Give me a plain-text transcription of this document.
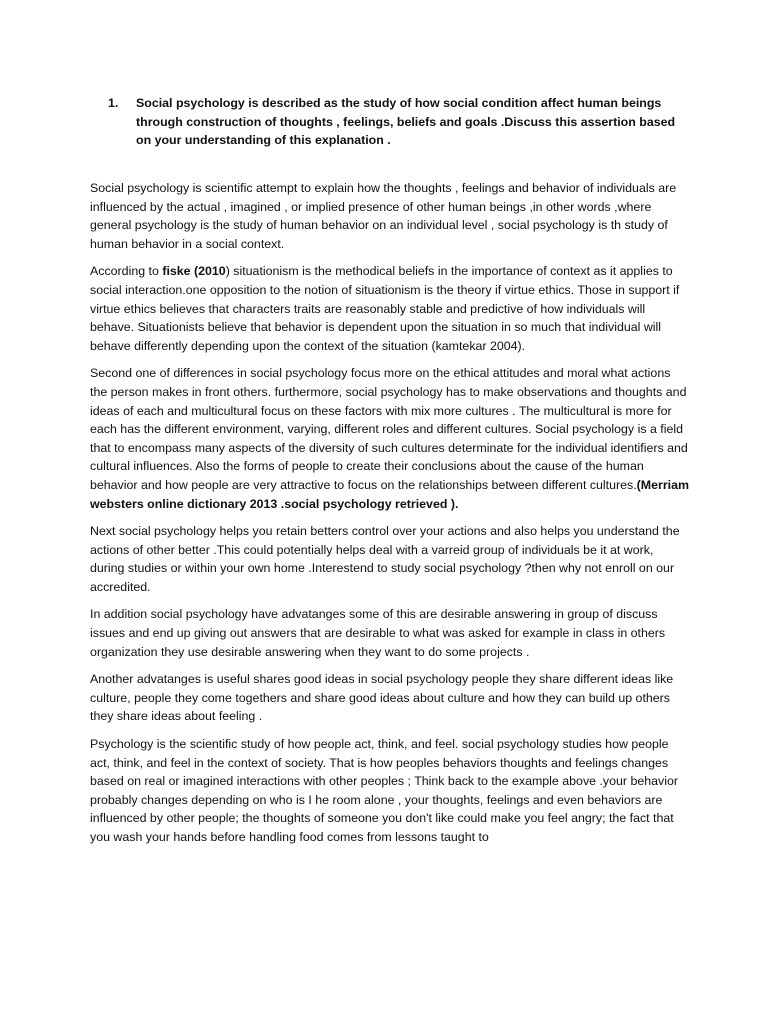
1.	Social psychology is described as the study of how social condition affect human beings through construction of thoughts , feelings, beliefs and goals .Discuss this assertion based on your understanding of this explanation .

Social psychology is scientific attempt to explain how the thoughts , feelings and behavior of individuals are influenced by the actual , imagined , or implied presence of other human beings ,in other words ,where general psychology is the study of human behavior on an individual level , social psychology is th study of human behavior in a social context.

According to fiske (2010) situationism is the methodical beliefs in the importance of context as it applies to social interaction.one opposition to the notion of situationism is the theory if virtue ethics. Those in support if virtue ethics believes that characters traits are reasonably stable and predictive of how individuals will behave. Situationists believe that behavior is dependent upon the situation in so much that individual will behave differently depending upon the context of the situation (kamtekar 2004).

Second one of differences in social psychology focus more on the ethical attitudes and moral what actions the person makes in front others. furthermore, social psychology has to make observations and thoughts and ideas of each and multicultural focus on these factors with mix more cultures . The multicultural is more for each has the different environment, varying, different roles and different cultures. Social psychology is a field that to encompass many aspects of the diversity of such cultures determinate for the individual identifiers and cultural influences. Also the forms of people to create their conclusions about the cause of the human behavior and how people are very attractive to focus on the relationships between different cultures.(Merriam websters online dictionary 2013 .social psychology retrieved ).

Next social psychology helps you retain betters control over your actions and also helps you understand the actions of other better .This could potentially helps deal with a varreid group of individuals be it at work, during studies or within your own home .Interestend to study social psychology ?then why not enroll on our accredited.

In addition social psychology have advatanges some of this are desirable answering in group of discuss issues and end up giving out answers that are desirable to what was asked for example in class in others organization they use desirable answering when they want to do some projects .

Another advatanges is useful shares good ideas in social psychology people they share different ideas like culture, people they come togethers and share good ideas about culture and how they can build up others they share ideas about feeling .

Psychology is the scientific study of how people act, think, and feel. social psychology studies how people act, think, and feel in the context of society. That is how peoples behaviors thoughts and feelings changes based on real or imagined interactions with other peoples ; Think back to the example above .your behavior probably changes depending on who is I he room alone , your thoughts, feelings and even behaviors are influenced by other people; the thoughts of someone you don't like could make you feel angry; the fact that you wash your hands before handling food comes from lessons taught to
